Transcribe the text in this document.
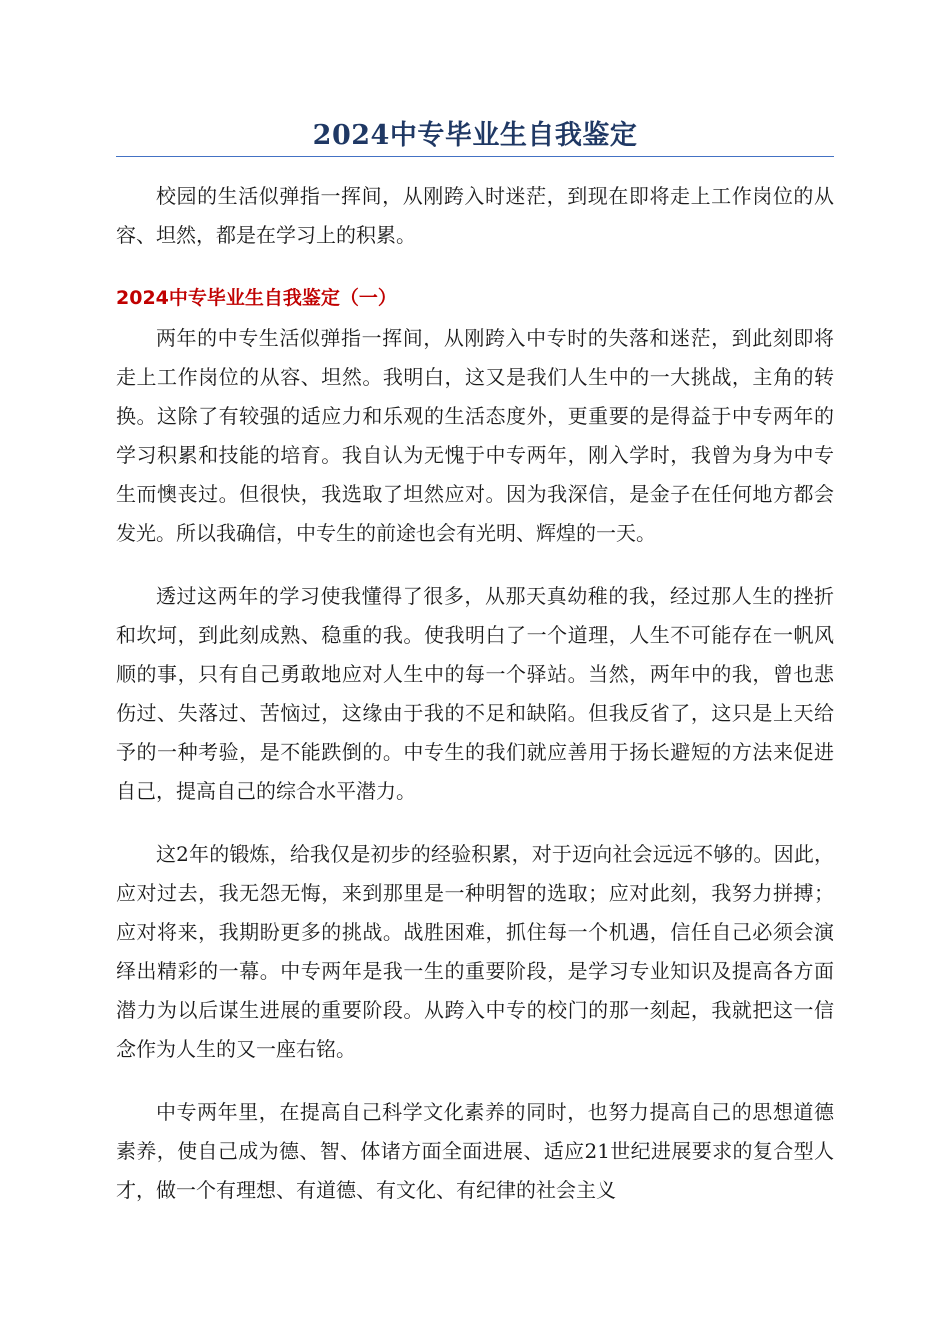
2024中专毕业生自我鉴定

校园的生活似弹指一挥间，从刚跨入时迷茫，到现在即将走上工作岗位的从容、坦然，都是在学习上的积累。

2024中专毕业生自我鉴定（一）

两年的中专生活似弹指一挥间，从刚跨入中专时的失落和迷茫，到此刻即将走上工作岗位的从容、坦然。我明白，这又是我们人生中的一大挑战，主角的转换。这除了有较强的适应力和乐观的生活态度外，更重要的是得益于中专两年的学习积累和技能的培育。我自认为无愧于中专两年，刚入学时，我曾为身为中专生而懊丧过。但很快，我选取了坦然应对。因为我深信，是金子在任何地方都会发光。所以我确信，中专生的前途也会有光明、辉煌的一天。

透过这两年的学习使我懂得了很多，从那天真幼稚的我，经过那人生的挫折和坎坷，到此刻成熟、稳重的我。使我明白了一个道理，人生不可能存在一帆风顺的事，只有自己勇敢地应对人生中的每一个驿站。当然，两年中的我，曾也悲伤过、失落过、苦恼过，这缘由于我的不足和缺陷。但我反省了，这只是上天给予的一种考验，是不能跌倒的。中专生的我们就应善用于扬长避短的方法来促进自己，提高自己的综合水平潜力。

这2年的锻炼，给我仅是初步的经验积累，对于迈向社会远远不够的。因此，应对过去，我无怨无悔，来到那里是一种明智的选取；应对此刻，我努力拼搏；应对将来，我期盼更多的挑战。战胜困难，抓住每一个机遇，信任自己必须会演绎出精彩的一幕。中专两年是我一生的重要阶段，是学习专业知识及提高各方面潜力为以后谋生进展的重要阶段。从跨入中专的校门的那一刻起，我就把这一信念作为人生的又一座右铭。

中专两年里，在提高自己科学文化素养的同时，也努力提高自己的思想道德素养，使自己成为德、智、体诸方面全面进展、适应21世纪进展要求的复合型人才，做一个有理想、有道德、有文化、有纪律的社会主义
